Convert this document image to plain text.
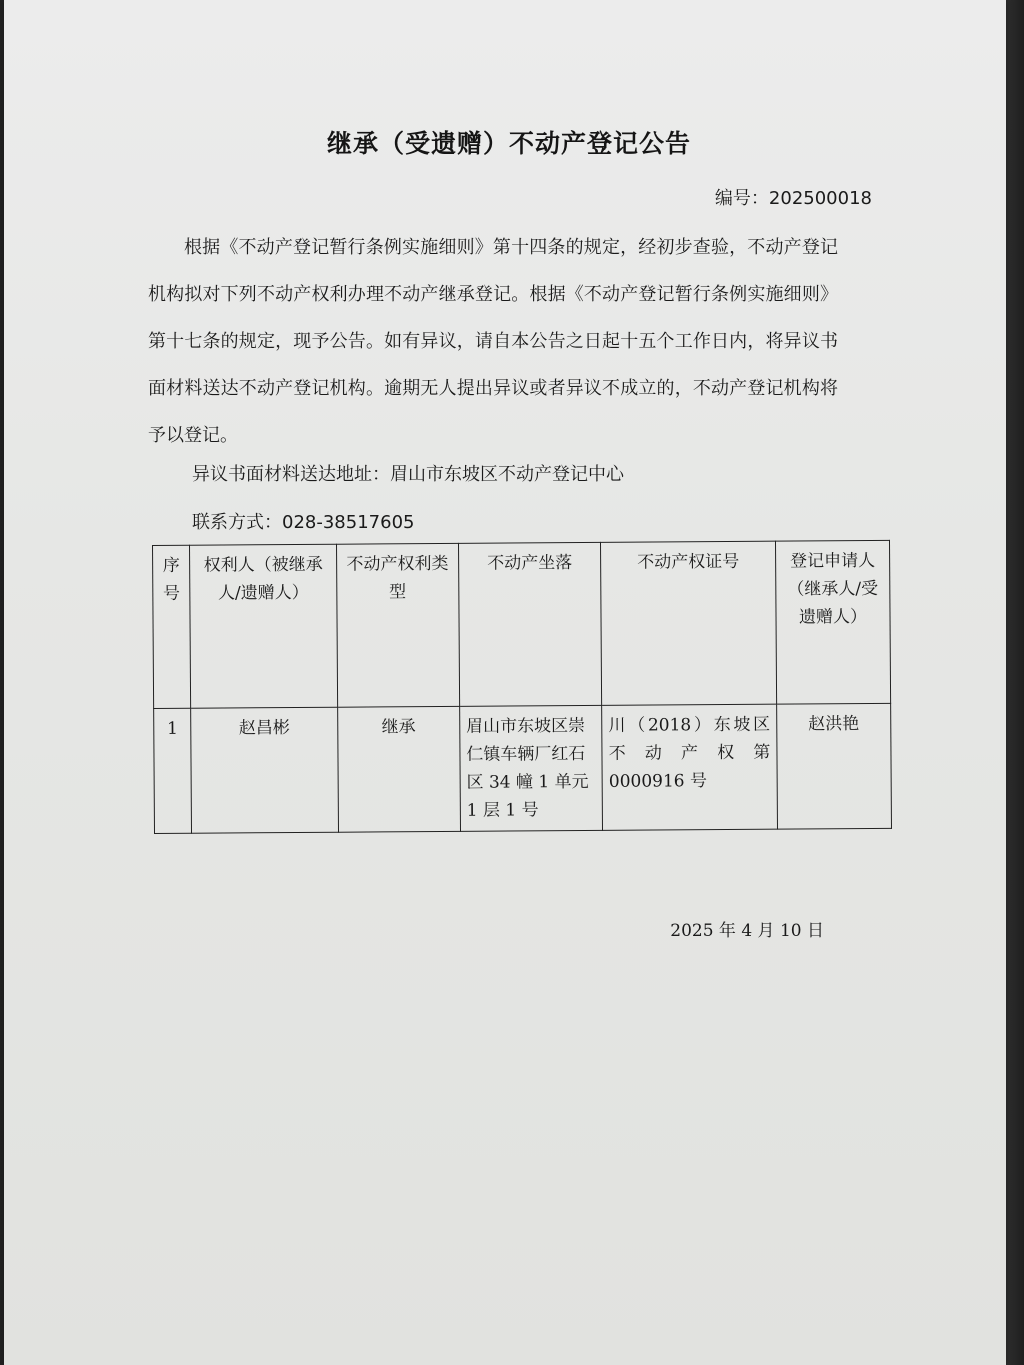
继承（受遗赠）不动产登记公告
编号：202500018
根据《不动产登记暂行条例实施细则》第十四条的规定，经初步查验，不动产登记机构拟对下列不动产权利办理不动产继承登记。根据《不动产登记暂行条例实施细则》第十七条的规定，现予公告。如有异议，请自本公告之日起十五个工作日内，将异议书面材料送达不动产登记机构。逾期无人提出异议或者异议不成立的，不动产登记机构将予以登记。
异议书面材料送达地址：眉山市东坡区不动产登记中心
联系方式：028-38517605
序号	权利人（被继承人/遗赠人）	不动产权利类型	不动产坐落	不动产权证号	登记申请人（继承人/受遗赠人）
1	赵昌彬	继承	眉山市东坡区崇仁镇车辆厂红石区 34 幢 1 单元 1 层 1 号	川（2018）东坡区不动产权第 0000916 号	赵洪艳
2025 年 4 月 10 日
